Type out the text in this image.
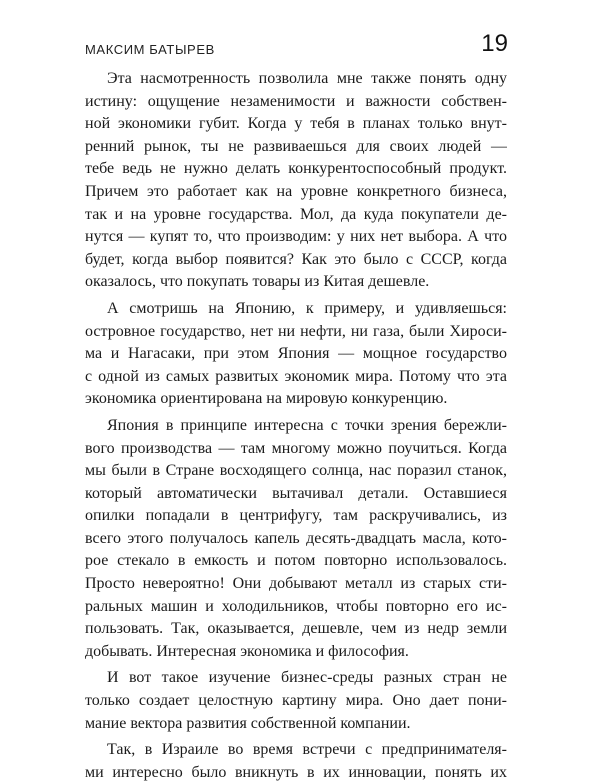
МАКСИМ БАТЫРЕВ	19
Эта насмотренность позволила мне также понять одну
истину: ощущение незаменимости и важности собствен-
ной экономики губит. Когда у тебя в планах только внут-
ренний рынок, ты не развиваешься для своих людей —
тебе ведь не нужно делать конкурентоспособный продукт.
Причем это работает как на уровне конкретного бизнеса,
так и на уровне государства. Мол, да куда покупатели де-
нутся — купят то, что производим: у них нет выбора. А что
будет, когда выбор появится? Как это было с СССР, когда
оказалось, что покупать товары из Китая дешевле.
А смотришь на Японию, к примеру, и удивляешься:
островное государство, нет ни нефти, ни газа, были Хироси-
ма и Нагасаки, при этом Япония — мощное государство
с одной из самых развитых экономик мира. Потому что эта
экономика ориентирована на мировую конкуренцию.
Япония в принципе интересна с точки зрения бережли-
вого производства — там многому можно поучиться. Когда
мы были в Стране восходящего солнца, нас поразил станок,
который автоматически вытачивал детали. Оставшиеся
опилки попадали в центрифугу, там раскручивались, из
всего этого получалось капель десять-двадцать масла, кото-
рое стекало в емкость и потом повторно использовалось.
Просто невероятно! Они добывают металл из старых сти-
ральных машин и холодильников, чтобы повторно его ис-
пользовать. Так, оказывается, дешевле, чем из недр земли
добывать. Интересная экономика и философия.
И вот такое изучение бизнес-среды разных стран не
только создает целостную картину мира. Оно дает пони-
мание вектора развития собственной компании.
Так, в Израиле во время встречи с предпринимателя-
ми интересно было вникнуть в их инновации, понять их
